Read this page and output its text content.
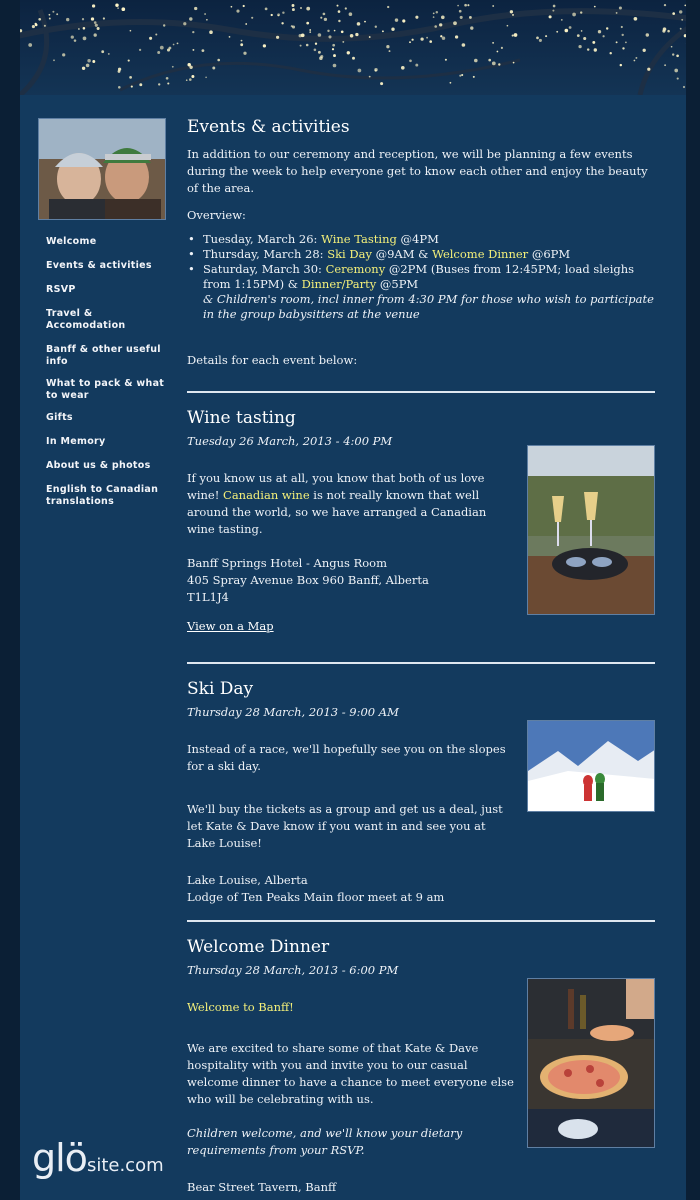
Welcome
Events & activities
RSVP
Travel & Accomodation
Banff & other useful info
What to pack & what to wear
Gifts
In Memory
About us & photos
English to Canadian translations
glösite.com
Events & activities

In addition to our ceremony and reception, we will be planning a few events during the week to help everyone get to know each other and enjoy the beauty of the area.

Overview:

• Tuesday, March 26: Wine Tasting @4PM
• Thursday, March 28: Ski Day @9AM & Welcome Dinner @6PM
• Saturday, March 30: Ceremony @2PM (Buses from 12:45PM; load sleighs from 1:15PM) & Dinner/Party @5PM
& Children's room, incl inner from 4:30 PM for those who wish to participate in the group babysitters at the venue

Details for each event below:

Wine tasting

Tuesday 26 March, 2013 - 4:00 PM

If you know us at all, you know that both of us love wine! Canadian wine is not really known that well around the world, so we have arranged a Canadian wine tasting.

Banff Springs Hotel - Angus Room

405 Spray Avenue Box 960 Banff, Alberta

T1L1J4

View on a Map
Ski Day

Thursday 28 March, 2013 - 9:00 AM

Instead of a race, we'll hopefully see you on the slopes for a ski day.

We'll buy the tickets as a group and get us a deal, just let Kate & Dave know if you want in and see you at Lake Louise!

Lake Louise, Alberta

Lodge of Ten Peaks Main floor meet at 9 am

Welcome Dinner

Thursday 28 March, 2013 - 6:00 PM

Welcome to Banff!

We are excited to share some of that Kate & Dave hospitality with you and invite you to our casual welcome dinner to have a chance to meet everyone else who will be celebrating with us.

Children welcome, and we'll know your dietary requirements from your RSVP.

Bear Street Tavern, Banff
